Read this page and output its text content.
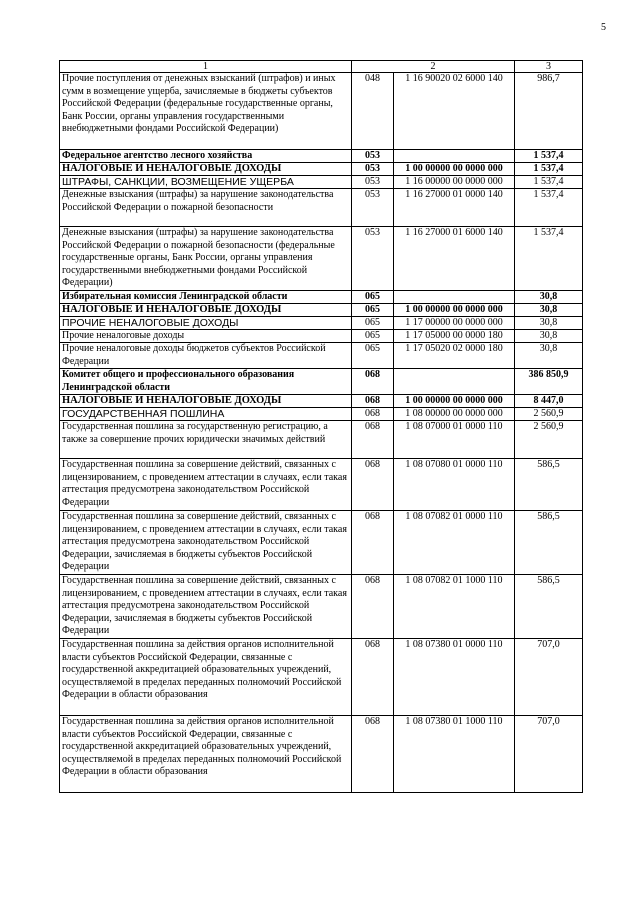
5
1	2		3

Прочие поступления от денежных взысканий (штрафов) и иных сумм в возмещение ущерба, зачисляемые в бюджеты субъектов Российской Федерации (федеральные государственные органы, Банк России, органы управления государственными внебюджетными фондами Российской Федерации)	048	1 16 90020 02 6000 140	986,7

Федеральное агентство лесного хозяйства	053		1 537,4

НАЛОГОВЫЕ И НЕНАЛОГОВЫЕ ДОХОДЫ	053	1 00 00000 00 0000 000	1 537,4

ШТРАФЫ, САНКЦИИ, ВОЗМЕЩЕНИЕ УЩЕРБА	053	1 16 00000 00 0000 000	1 537,4

Денежные взыскания (штрафы) за нарушение законодательства Российской Федерации о пожарной безопасности	053	1 16 27000 01 0000 140	1 537,4

Денежные взыскания (штрафы) за нарушение законодательства Российской Федерации о пожарной безопасности (федеральные государственные органы, Банк России, органы управления государственными внебюджетными фондами Российской Федерации)	053	1 16 27000 01 6000 140	1 537,4

Избирательная комиссия Ленинградской области	065		30,8

НАЛОГОВЫЕ И НЕНАЛОГОВЫЕ ДОХОДЫ	065	1 00 00000 00 0000 000	30,8

ПРОЧИЕ НЕНАЛОГОВЫЕ ДОХОДЫ	065	1 17 00000 00 0000 000	30,8

Прочие неналоговые доходы	065	1 17 05000 00 0000 180	30,8

Прочие неналоговые доходы бюджетов субъектов Российской Федерации	065	1 17 05020 02 0000 180	30,8

Комитет общего и профессионального образования Ленинградской области	068		386 850,9

НАЛОГОВЫЕ И НЕНАЛОГОВЫЕ ДОХОДЫ	068	1 00 00000 00 0000 000	8 447,0

ГОСУДАРСТВЕННАЯ ПОШЛИНА	068	1 08 00000 00 0000 000	2 560,9

Государственная пошлина за государственную регистрацию, а также за совершение прочих юридически значимых действий	068	1 08 07000 01 0000 110	2 560,9

Государственная пошлина за совершение действий, связанных с лицензированием, с проведением аттестации в случаях, если такая аттестация предусмотрена законодательством Российской Федерации	068	1 08 07080 01 0000 110	586,5

Государственная пошлина за совершение действий, связанных с лицензированием, с проведением аттестации в случаях, если такая аттестация предусмотрена законодательством Российской Федерации, зачисляемая в бюджеты субъектов Российской Федерации	068	1 08 07082 01 0000 110	586,5

Государственная пошлина за совершение действий, связанных с лицензированием, с проведением аттестации в случаях, если такая аттестация предусмотрена законодательством Российской Федерации, зачисляемая в бюджеты субъектов Российской Федерации	068	1 08 07082 01 1000 110	586,5

Государственная пошлина за действия органов исполнительной власти субъектов Российской Федерации, связанные с государственной аккредитацией образовательных учреждений, осуществляемой в пределах переданных полномочий Российской Федерации в области образования	068	1 08 07380 01 0000 110	707,0

Государственная пошлина за действия органов исполнительной власти субъектов Российской Федерации, связанные с государственной аккредитацией образовательных учреждений, осуществляемой в пределах переданных полномочий Российской Федерации в области образования	068	1 08 07380 01 1000 110	707,0
